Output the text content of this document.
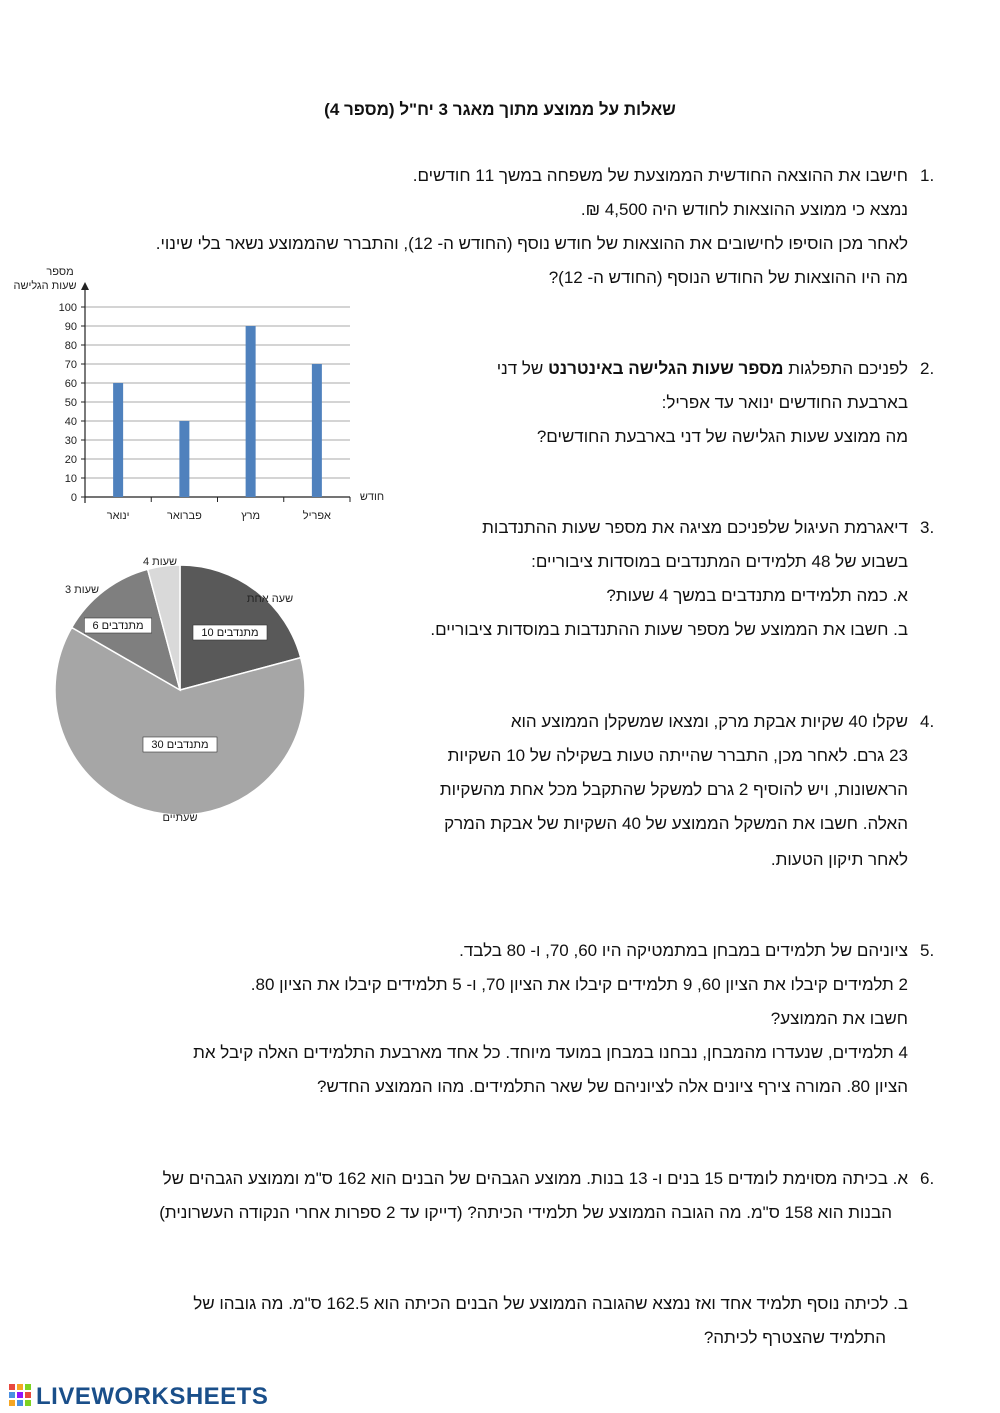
שאלות על ממוצע מתוך מאגר 3 יח"ל (מספר 4)
1.
חישבו את ההוצאה החודשית הממוצעת של משפחה במשך 11 חודשים.
נמצא כי ממוצע ההוצאות לחודש היה 4,500 ₪.
לאחר מכן הוסיפו לחישובים את ההוצאות של חודש נוסף (החודש ה- 12), והתברר שהממוצע נשאר בלי שינוי.
מה היו ההוצאות של החודש הנוסף (החודש ה- 12)?
2.
לפניכם התפלגות מספר שעות הגלישה באינטרנט של דני
בארבעת החודשים ינואר עד אפריל:
מה ממוצע שעות הגלישה של דני בארבעת החודשים?
3.
דיאגרמת העיגול שלפניכם מציגה את מספר שעות ההתנדבות
בשבוע של 48 תלמידים המתנדבים במוסדות ציבוריים:
א. כמה תלמידים מתנדבים במשך 4 שעות?
ב. חשבו את הממוצע של מספר שעות ההתנדבות במוסדות ציבוריים.
4.
שקלו 40 שקיות אבקת מרק, ומצאו שמשקלן הממוצע הוא
23 גרם. לאחר מכן, התברר שהייתה טעות בשקילה של 10 השקיות
הראשונות, ויש להוסיף 2 גרם למשקל שהתקבל מכל אחת מהשקיות
האלה. חשבו את המשקל הממוצע של 40 השקיות של אבקת המרק
לאחר תיקון הטעות.
5.
ציוניהם של תלמידים במבחן במתמטיקה היו 60, 70, ו- 80 בלבד.
2 תלמידים קיבלו את הציון 60, 9 תלמידים קיבלו את הציון 70, ו- 5 תלמידים קיבלו את הציון 80.
חשבו את הממוצע?
4 תלמידים, שנעדרו מהמבחן, נבחנו במבחן במועד מיוחד. כל אחד מארבעת התלמידים האלה קיבל את
הציון 80. המורה צירף ציונים אלה לציוניהם של שאר התלמידים. מהו הממוצע החדש?
6.
א. בכיתה מסוימת לומדים 15 בנים ו- 13 בנות. ממוצע הגבהים של הבנים הוא 162 ס"מ וממוצע הגבהים של
הבנות הוא 158 ס"מ. מה הגובה הממוצע של תלמידי הכיתה? (דייקו עד 2 ספרות אחרי הנקודה העשרונית)
ב. לכיתה נוסף תלמיד אחד ואז נמצא שהגובה הממוצע של הבנים הכיתה הוא 162.5 ס"מ. מה גובהו של
התלמיד שהצטרף לכיתה?
מספר
שעות הגלישה
0
10
20
30
40
50
60
70
80
90
100
ינואר	פברואר	מרץ	אפריל
חודש
שעה אחת
10 מתנדבים
שעתיים
30 מתנדבים
3 שעות
6 מתנדבים
4 שעות
LIVEWORKSHEETS
